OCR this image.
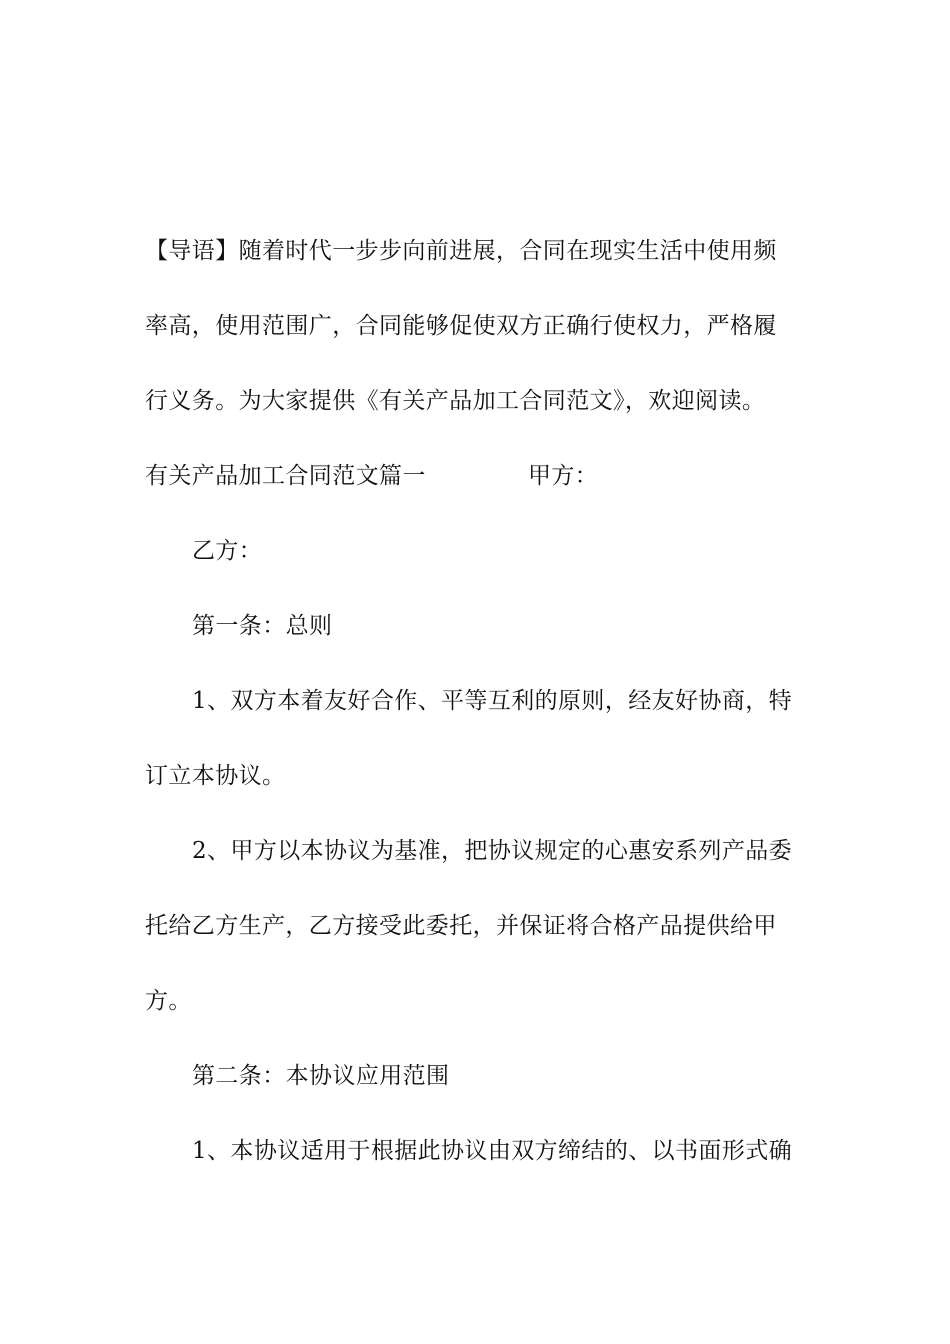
【导语】随着时代一步步向前进展，合同在现实生活中使用频
率高，使用范围广，合同能够促使双方正确行使权力，严格履
行义务。为大家提供《有关产品加工合同范文》，欢迎阅读。
有关产品加工合同范文篇一	甲方：
乙方：
第一条：总则
1、双方本着友好合作、平等互利的原则，经友好协商，特
订立本协议。
2、甲方以本协议为基准，把协议规定的心惠安系列产品委
托给乙方生产，乙方接受此委托，并保证将合格产品提供给甲
方。
第二条：本协议应用范围
1、本协议适用于根据此协议由双方缔结的、以书面形式确
